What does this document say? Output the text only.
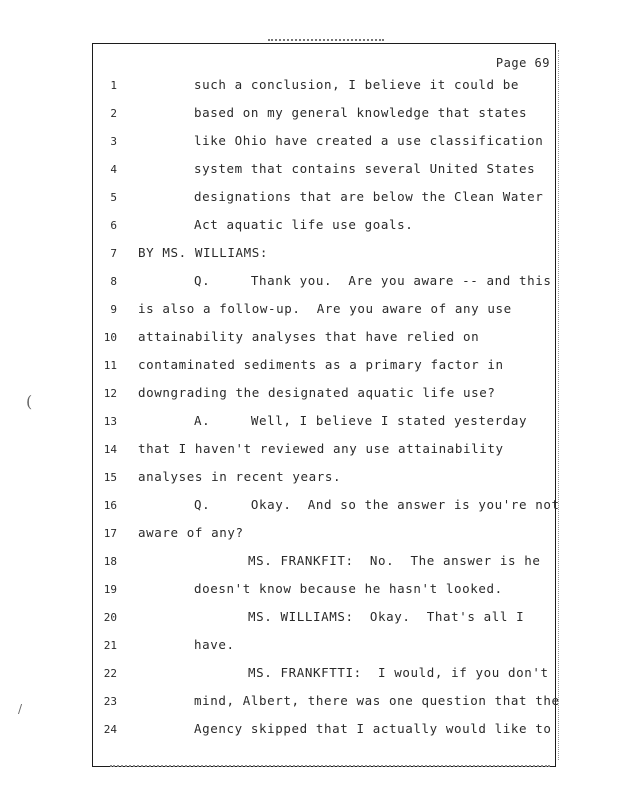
(
/
Page 69
1	such a conclusion, I believe it could be
2	based on my general knowledge that states
3	like Ohio have created a use classification
4	system that contains several United States
5	designations that are below the Clean Water
6	Act aquatic life use goals.
7 BY MS. WILLIAMS:
8	Q.     Thank you.  Are you aware -- and this
9 is also a follow-up.  Are you aware of any use
10 attainability analyses that have relied on
11 contaminated sediments as a primary factor in
12 downgrading the designated aquatic life use?
13	A.     Well, I believe I stated yesterday
14 that I haven't reviewed any use attainability
15 analyses in recent years.
16	Q.     Okay.  And so the answer is you're not
17 aware of any?
18	MS. FRANKFIT:  No.  The answer is he
19	doesn't know because he hasn't looked.
20	MS. WILLIAMS:  Okay.  That's all I
21	have.
22	MS. FRANKFTTI:  I would, if you don't
23	mind, Albert, there was one question that the
24	Agency skipped that I actually would like to
